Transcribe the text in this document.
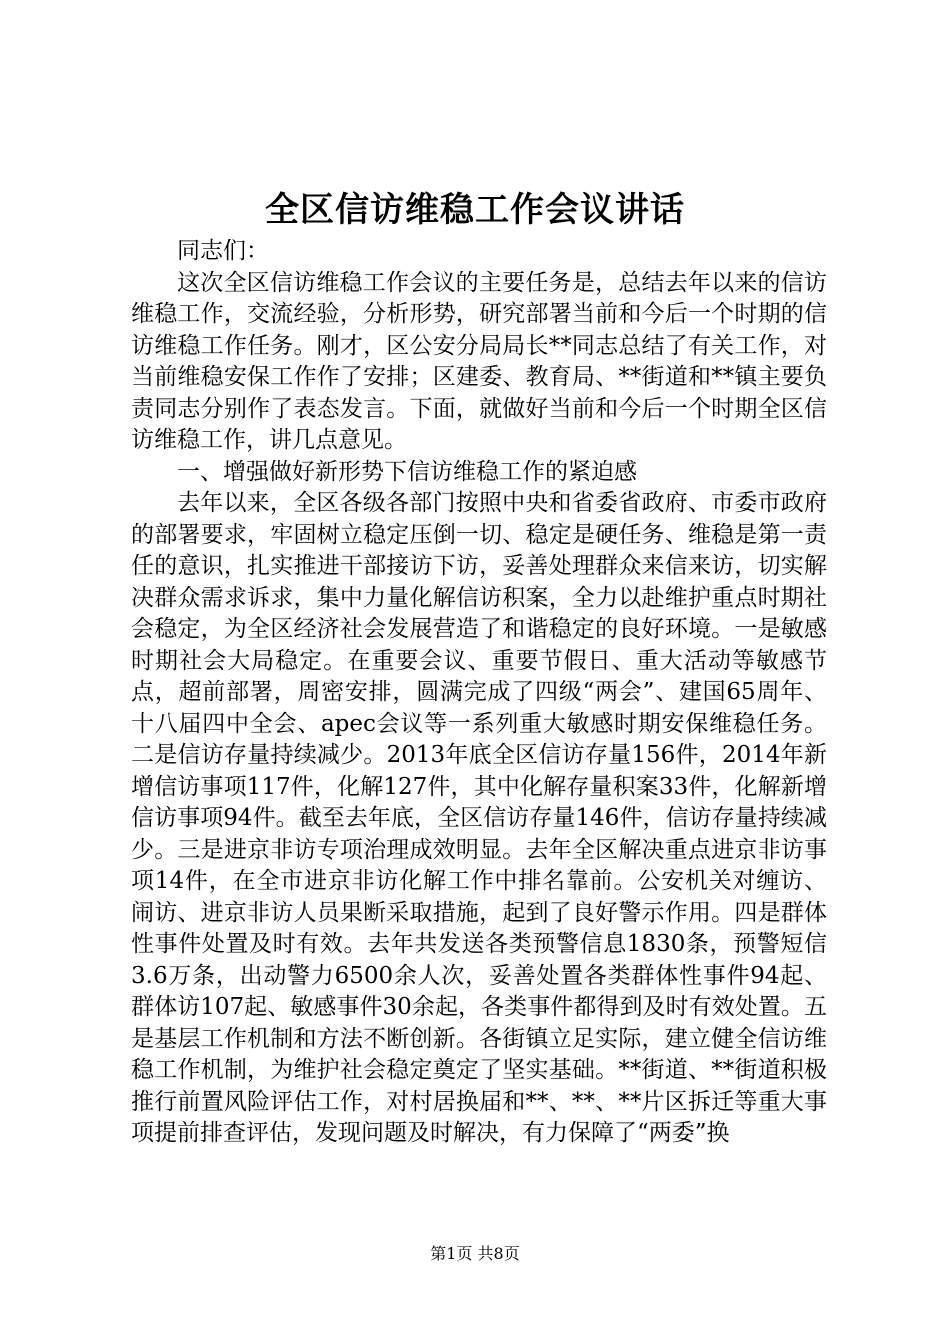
全区信访维稳工作会议讲话

同志们：

这次全区信访维稳工作会议的主要任务是，总结去年以来的信访维稳工作，交流经验，分析形势，研究部署当前和今后一个时期的信访维稳工作任务。刚才，区公安分局局长**同志总结了有关工作，对当前维稳安保工作作了安排；区建委、教育局、**街道和**镇主要负责同志分别作了表态发言。下面，就做好当前和今后一个时期全区信访维稳工作，讲几点意见。

一、增强做好新形势下信访维稳工作的紧迫感

去年以来，全区各级各部门按照中央和省委省政府、市委市政府的部署要求，牢固树立稳定压倒一切、稳定是硬任务、维稳是第一责任的意识，扎实推进干部接访下访，妥善处理群众来信来访，切实解决群众需求诉求，集中力量化解信访积案，全力以赴维护重点时期社会稳定，为全区经济社会发展营造了和谐稳定的良好环境。一是敏感时期社会大局稳定。在重要会议、重要节假日、重大活动等敏感节点，超前部署，周密安排，圆满完成了四级“两会”、建国65周年、十八届四中全会、apec会议等一系列重大敏感时期安保维稳任务。二是信访存量持续减少。2013年底全区信访存量156件，2014年新增信访事项117件，化解127件，其中化解存量积案33件，化解新增信访事项94件。截至去年底，全区信访存量146件，信访存量持续减少。三是进京非访专项治理成效明显。去年全区解决重点进京非访事项14件，在全市进京非访化解工作中排名靠前。公安机关对缠访、闹访、进京非访人员果断采取措施，起到了良好警示作用。四是群体性事件处置及时有效。去年共发送各类预警信息1830条，预警短信3.6万条，出动警力6500余人次，妥善处置各类群体性事件94起、群体访107起、敏感事件30余起，各类事件都得到及时有效处置。五是基层工作机制和方法不断创新。各街镇立足实际，建立健全信访维稳工作机制，为维护社会稳定奠定了坚实基础。**街道、**街道积极推行前置风险评估工作，对村居换届和**、**、**片区拆迁等重大事项提前排查评估，发现问题及时解决，有力保障了“两委”换

第1页 共8页
